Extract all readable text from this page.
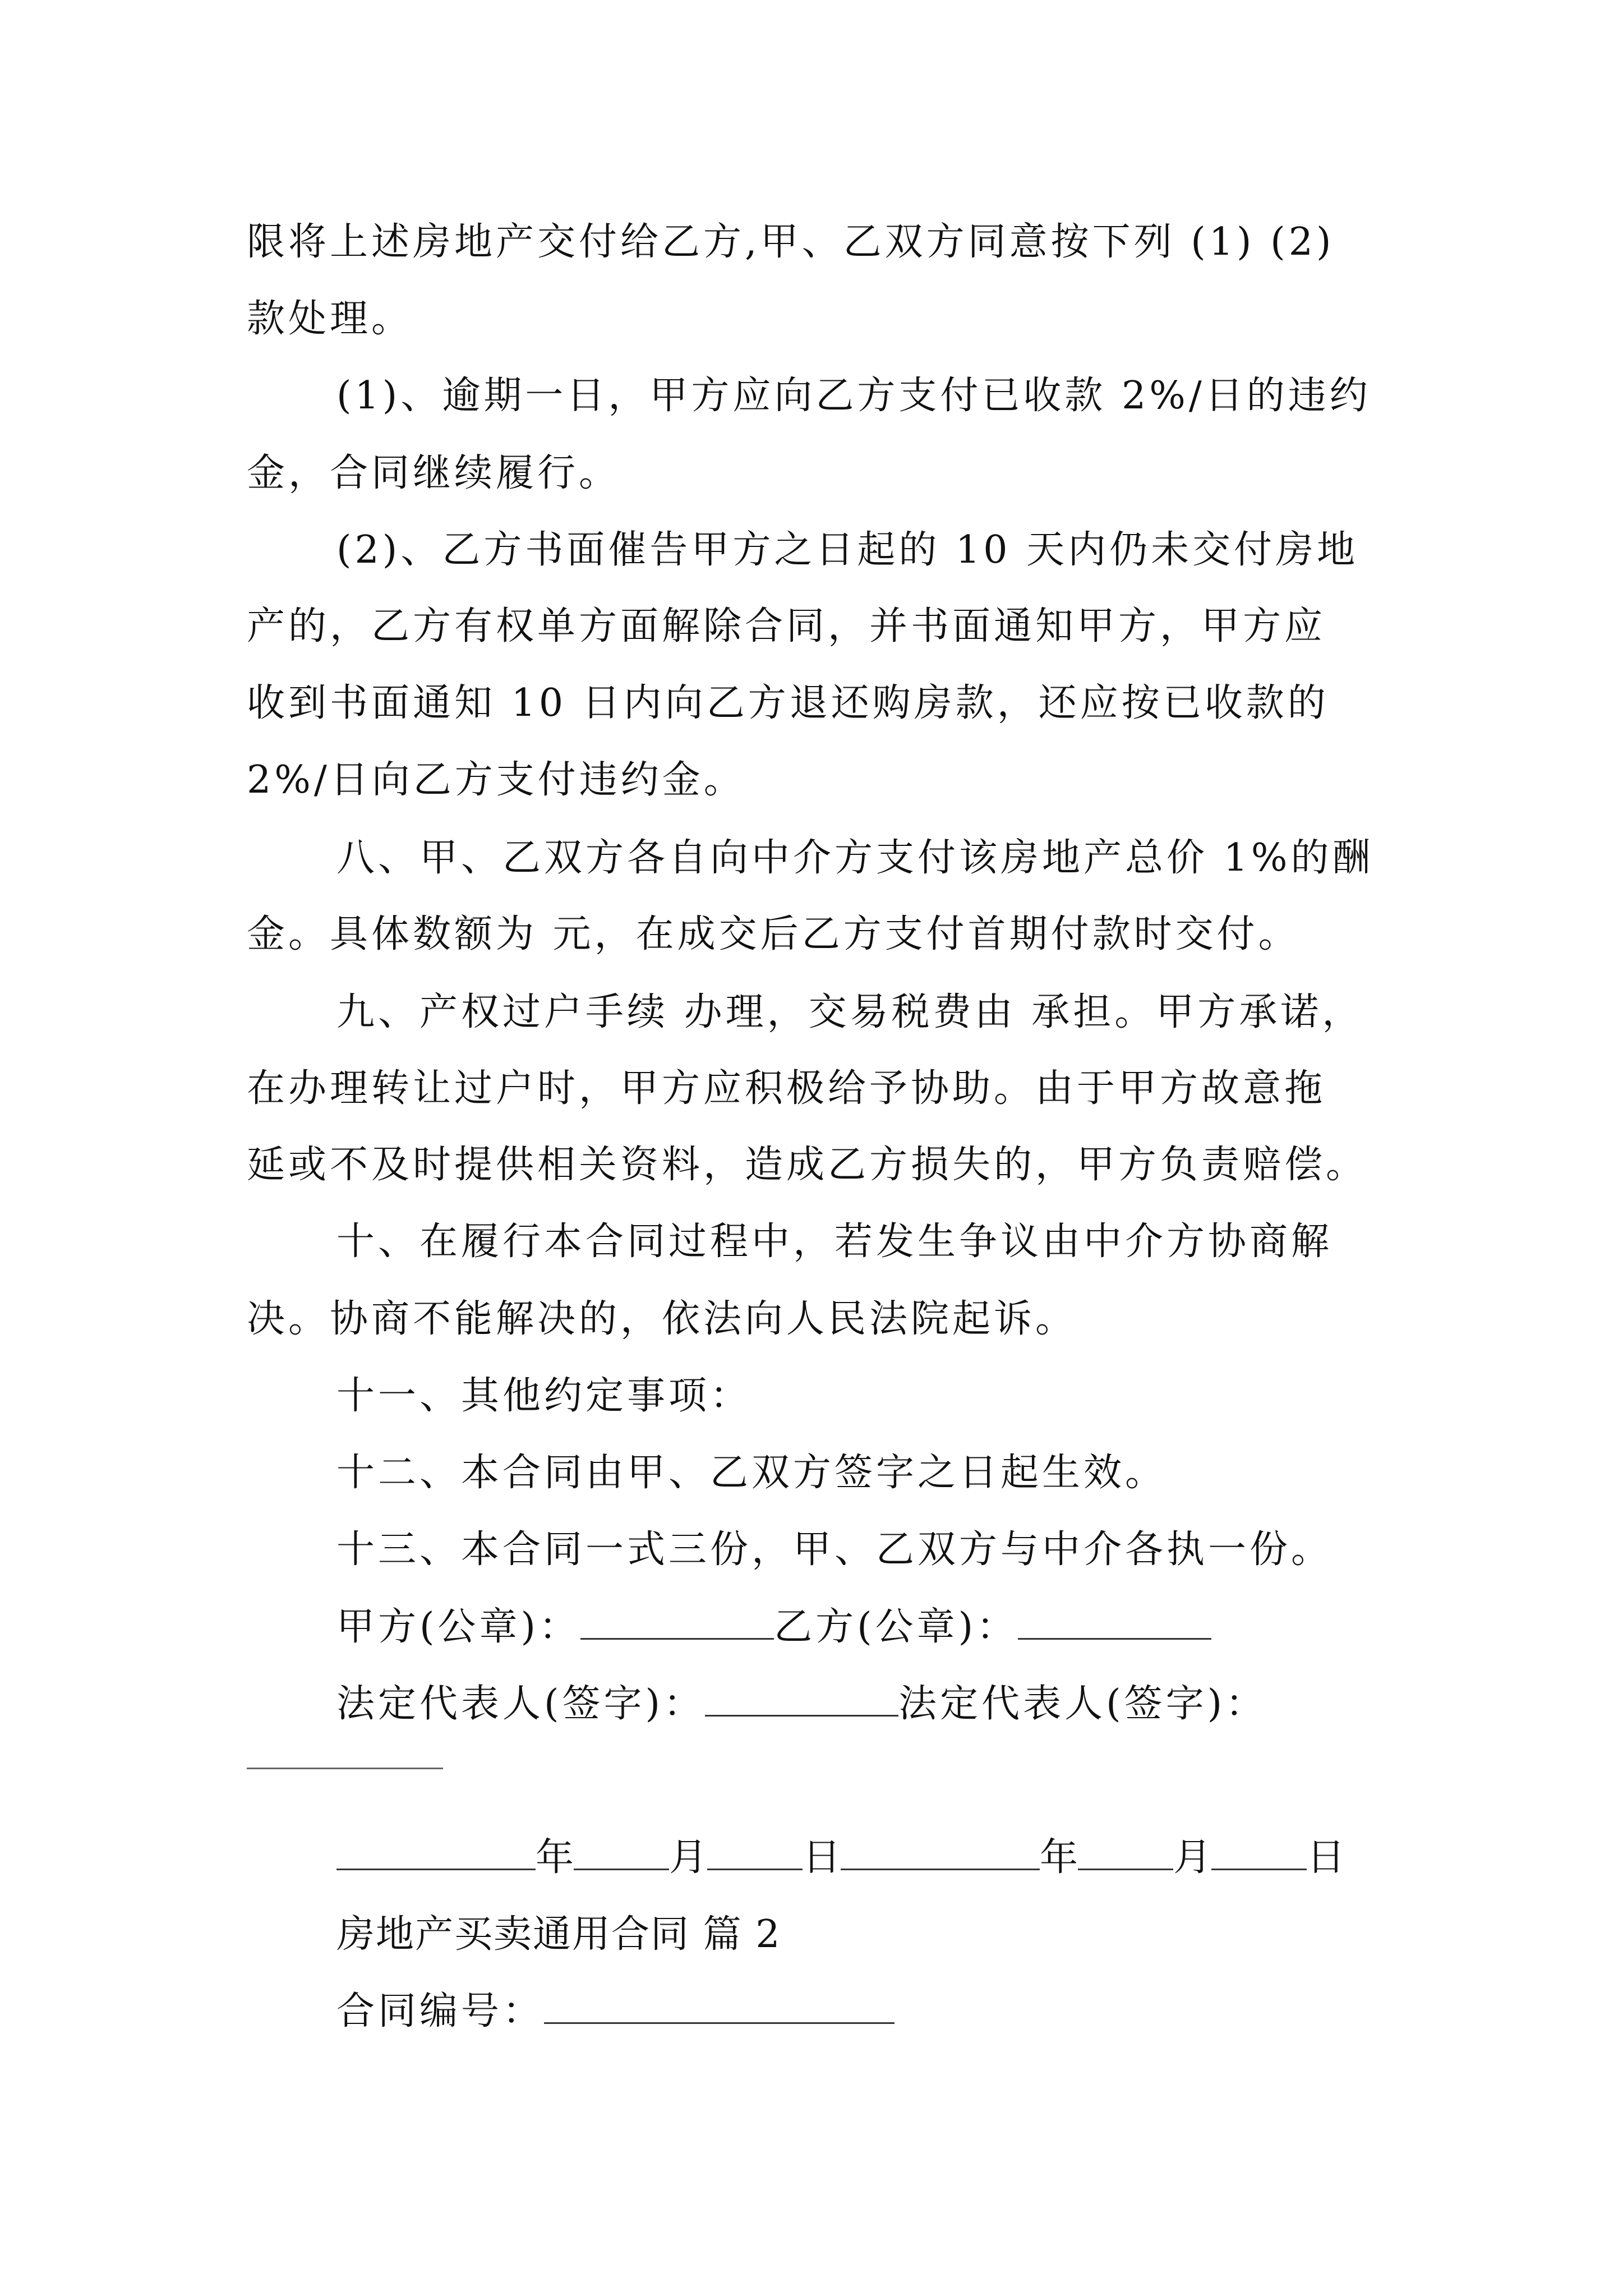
限将上述房地产交付给乙方,甲、乙双方同意按下列 (1) (2)
款处理。
(1)、逾期一日，甲方应向乙方支付已收款 2%/日的违约
金，合同继续履行。
(2)、乙方书面催告甲方之日起的 10 天内仍未交付房地
产的，乙方有权单方面解除合同，并书面通知甲方，甲方应
收到书面通知 10 日内向乙方退还购房款，还应按已收款的
2%/日向乙方支付违约金。
八、甲、乙双方各自向中介方支付该房地产总价 1%的酬
金。具体数额为 元，在成交后乙方支付首期付款时交付。
九、产权过户手续 办理，交易税费由 承担。甲方承诺，
在办理转让过户时，甲方应积极给予协助。由于甲方故意拖
延或不及时提供相关资料，造成乙方损失的，甲方负责赔偿。
十、在履行本合同过程中，若发生争议由中介方协商解
决。协商不能解决的，依法向人民法院起诉。
十一、其他约定事项：
十二、本合同由甲、乙双方签字之日起生效。
十三、本合同一式三份，甲、乙双方与中介各执一份。
甲方(公章)：	乙方(公章)：
法定代表人(签字)：	法定代表人(签字)：
年	月	日	年	月	日
房地产买卖通用合同 篇 2
合同编号：
